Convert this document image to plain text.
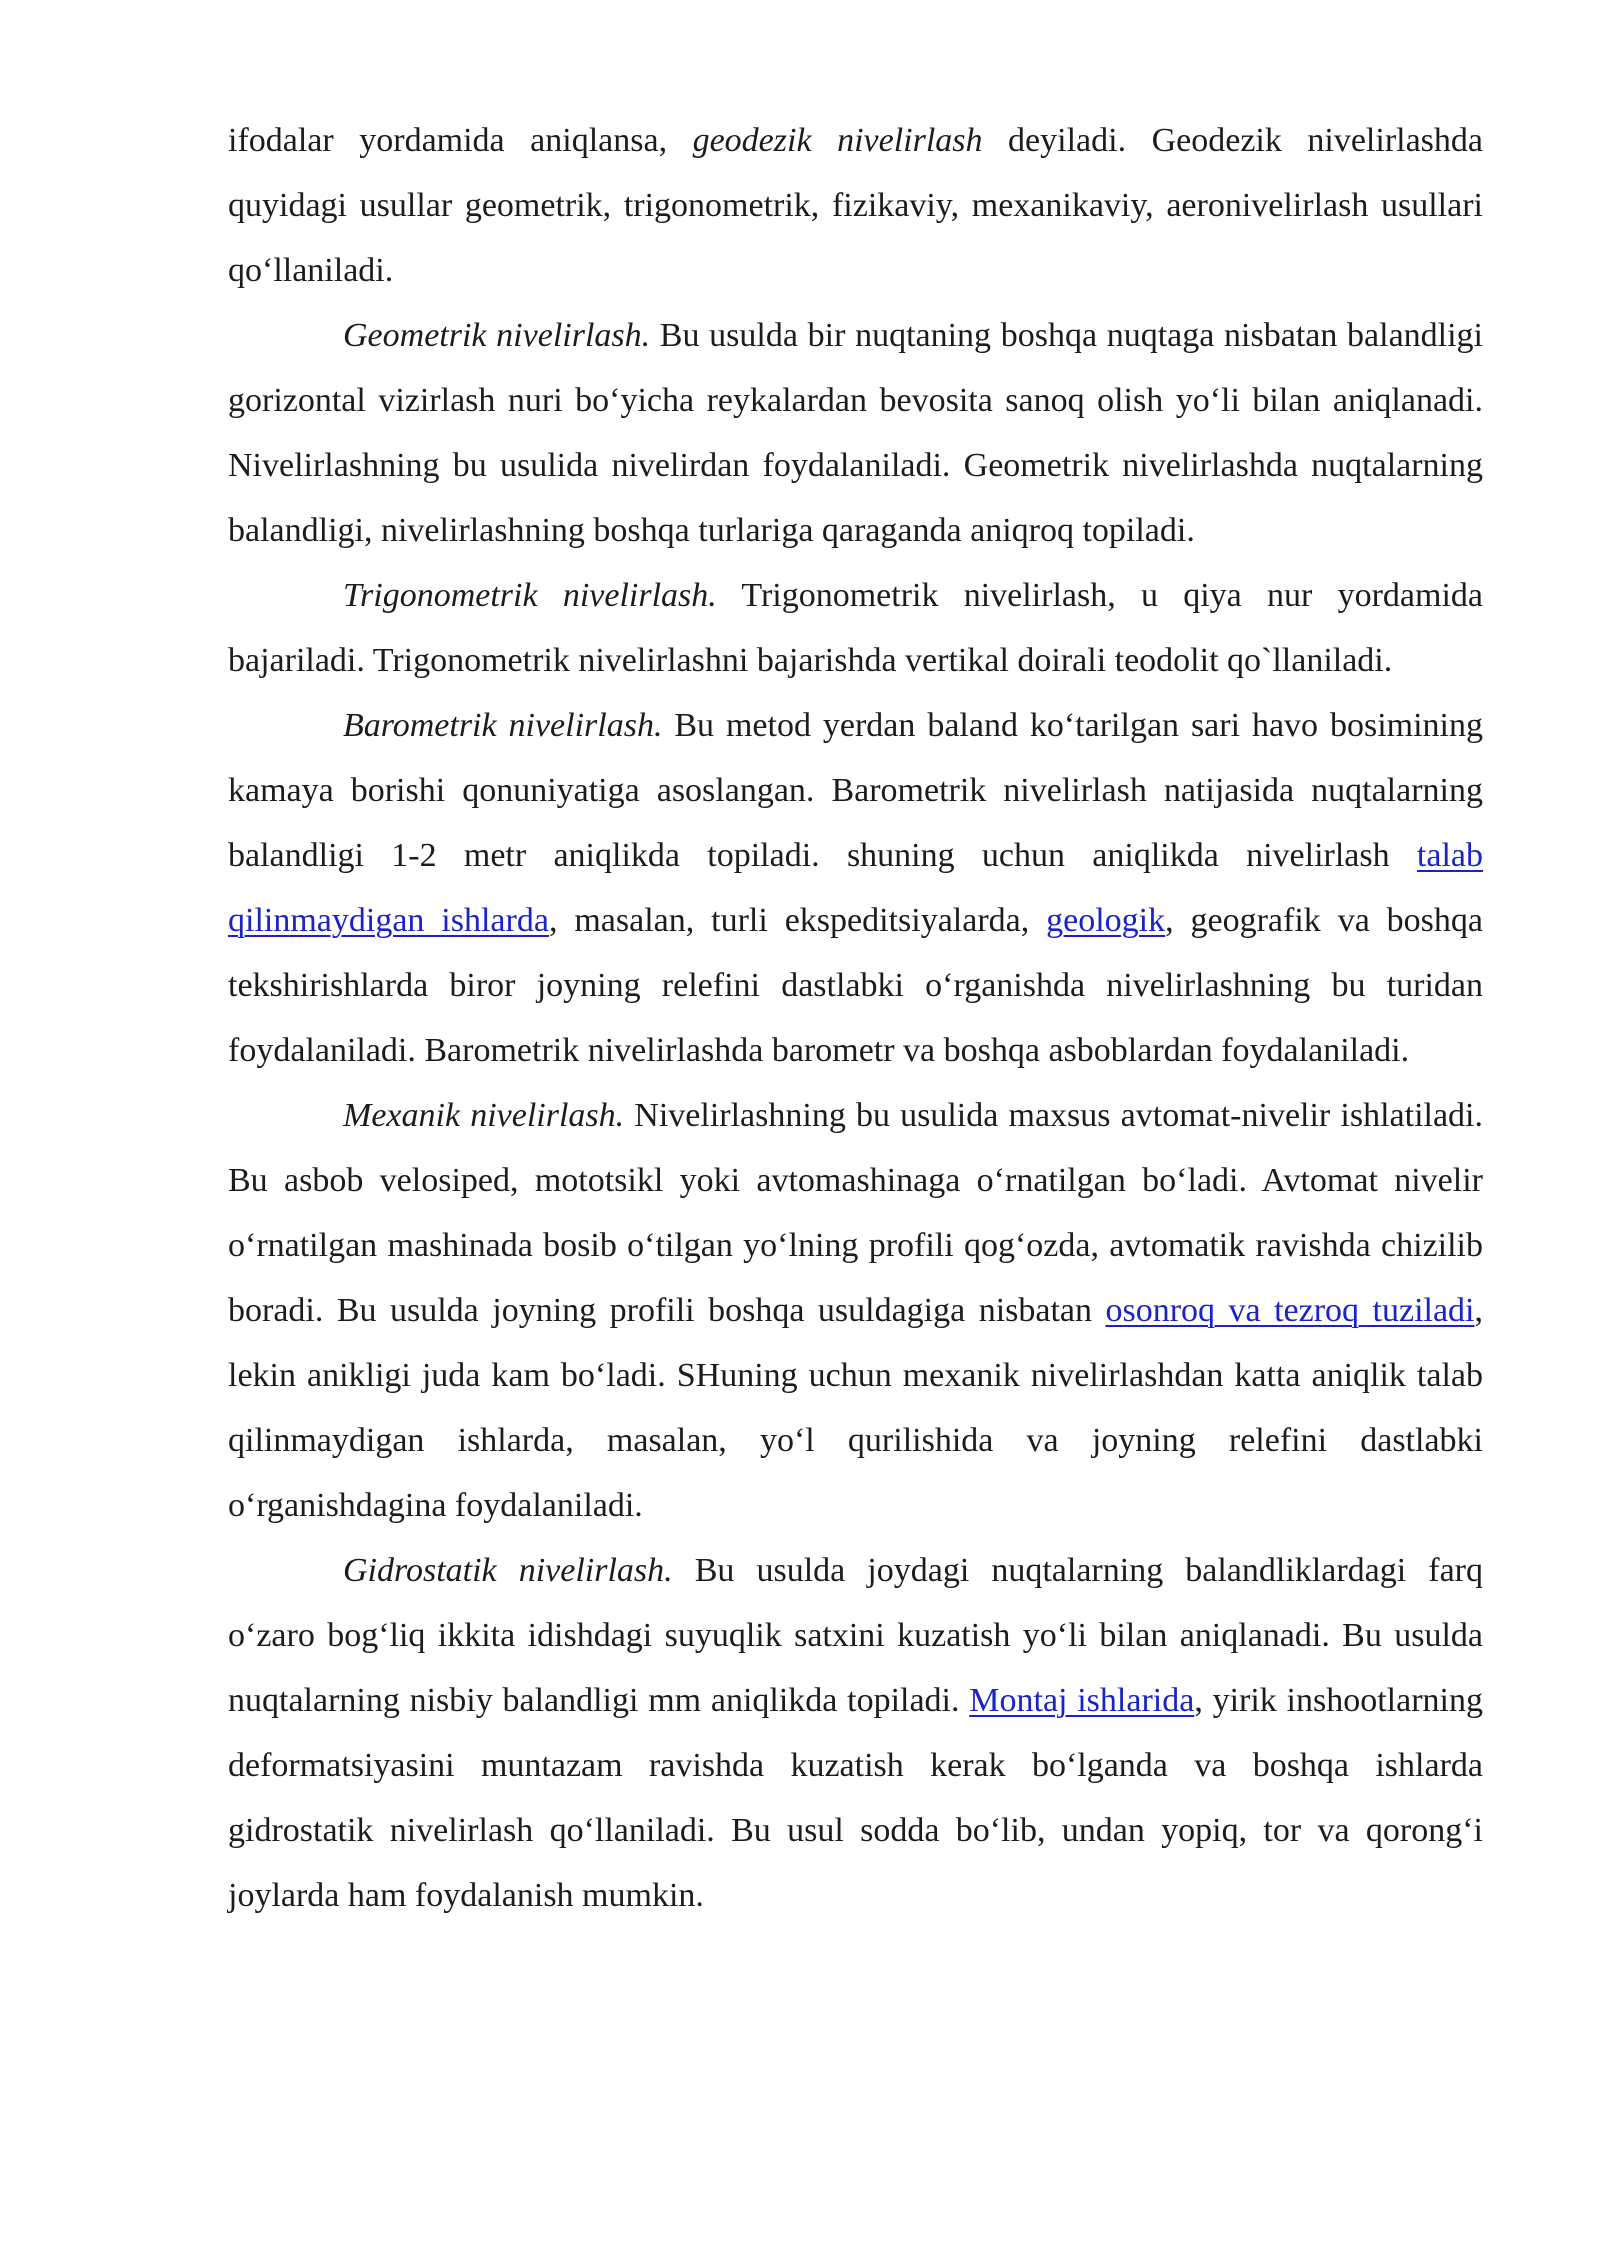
ifodalar yordamida aniqlansa, geodezik nivelirlash deyiladi. Geodezik nivelirlashda quyidagi usullar geometrik, trigonometrik, fizikaviy, mexanikaviy, aeronivelirlash usullari qo‘llaniladi.

Geometrik nivelirlash. Bu usulda bir nuqtaning boshqa nuqtaga nisbatan balandligi gorizontal vizirlash nuri bo‘yicha reykalardan bevosita sanoq olish yo‘li bilan aniqlanadi. Nivelirlashning bu usulida nivelirdan foydalaniladi. Geometrik nivelirlashda nuqtalarning balandligi, nivelirlashning boshqa turlariga qaraganda aniqroq topiladi.

Trigonometrik nivelirlash. Trigonometrik nivelirlash, u qiya nur yordamida bajariladi. Trigonometrik nivelirlashni bajarishda vertikal doirali teodolit qo`llaniladi.

Barometrik nivelirlash. Bu metod yerdan baland ko‘tarilgan sari havo bosimining kamaya borishi qonuniyatiga asoslangan. Barometrik nivelirlash natijasida nuqtalarning balandligi 1-2 metr aniqlikda topiladi. shuning uchun aniqlikda nivelirlash talab qilinmaydigan ishlarda, masalan, turli ekspeditsiyalarda, geologik, geografik va boshqa tekshirishlarda biror joyning relefini dastlabki o‘rganishda nivelirlashning bu turidan foydalaniladi. Barometrik nivelirlashda barometr va boshqa asboblardan foydalaniladi.

Mexanik nivelirlash. Nivelirlashning bu usulida maxsus avtomat-nivelir ishlatiladi. Bu asbob velosiped, mototsikl yoki avtomashinaga o‘rnatilgan bo‘ladi. Avtomat nivelir o‘rnatilgan mashinada bosib o‘tilgan yo‘lning profili qog‘ozda, avtomatik ravishda chizilib boradi. Bu usulda joyning profili boshqa usuldagiga nisbatan osonroq va tezroq tuziladi, lekin anikligi juda kam bo‘ladi. SHuning uchun mexanik nivelirlashdan katta aniqlik talab qilinmaydigan ishlarda, masalan, yo‘l qurilishida va joyning relefini dastlabki o‘rganishdagina foydalaniladi.

Gidrostatik nivelirlash. Bu usulda joydagi nuqtalarning balandliklardagi farq o‘zaro bog‘liq ikkita idishdagi suyuqlik satxini kuzatish yo‘li bilan aniqlanadi. Bu usulda nuqtalarning nisbiy balandligi mm aniqlikda topiladi. Montaj ishlarida, yirik inshootlarning deformatsiyasini muntazam ravishda kuzatish kerak bo‘lganda va boshqa ishlarda gidrostatik nivelirlash qo‘llaniladi. Bu usul sodda bo‘lib, undan yopiq, tor va qorong‘i joylarda ham foydalanish mumkin.
